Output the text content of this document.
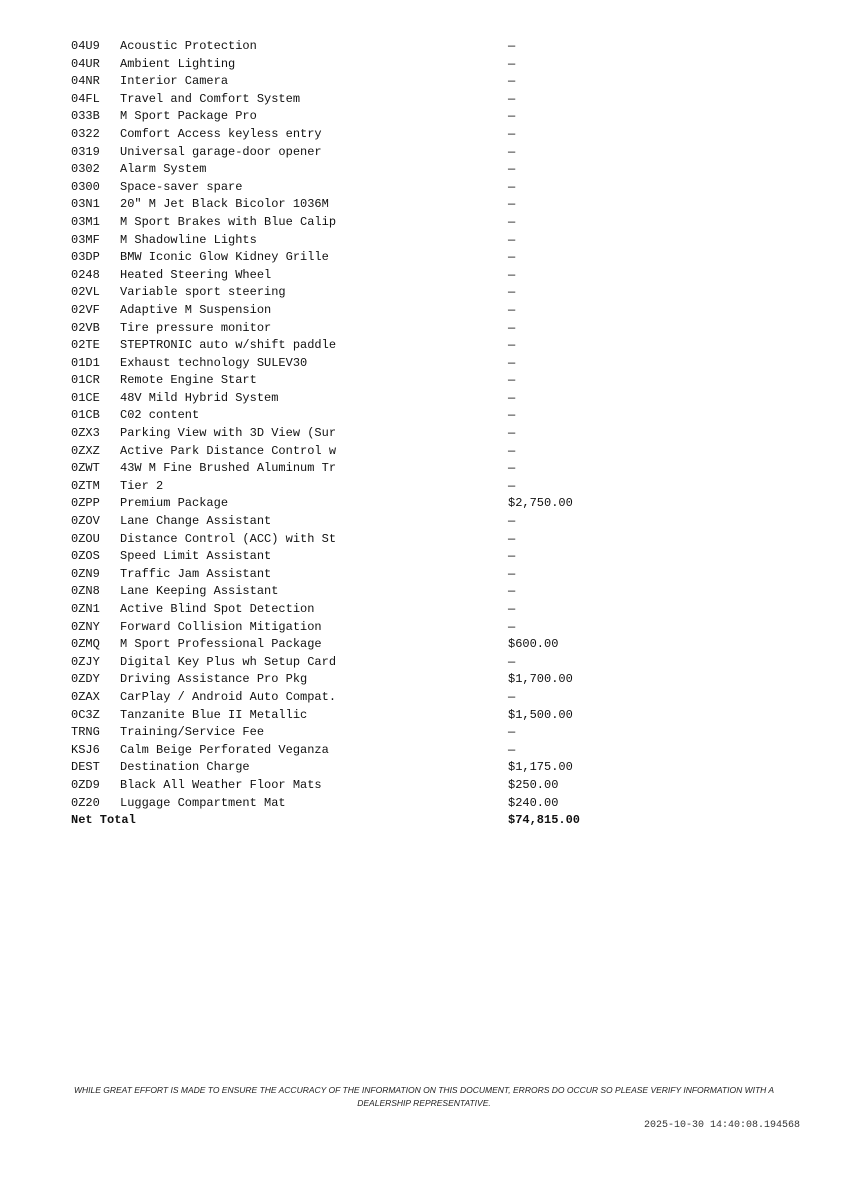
04U9 Acoustic Protection	—
04UR Ambient Lighting	—
04NR Interior Camera	—
04FL Travel and Comfort System	—
033B M Sport Package Pro	—
0322 Comfort Access keyless entry	—
0319 Universal garage-door opener	—
0302 Alarm System	—
0300 Space-saver spare	—
03N1 20" M Jet Black Bicolor 1036M	—
03M1 M Sport Brakes with Blue Calip	—
03MF M Shadowline Lights	—
03DP BMW Iconic Glow Kidney Grille	—
0248 Heated Steering Wheel	—
02VL Variable sport steering	—
02VF Adaptive M Suspension	—
02VB Tire pressure monitor	—
02TE STEPTRONIC auto w/shift paddle	—
01D1 Exhaust technology SULEV30	—
01CR Remote Engine Start	—
01CE 48V Mild Hybrid System	—
01CB C02 content	—
0ZX3 Parking View with 3D View (Sur	—
0ZXZ Active Park Distance Control w	—
0ZWT 43W M Fine Brushed Aluminum Tr	—
0ZTM Tier 2	—
0ZPP Premium Package	$2,750.00
0ZOV Lane Change Assistant	—
0ZOU Distance Control (ACC) with St	—
0ZOS Speed Limit Assistant	—
0ZN9 Traffic Jam Assistant	—
0ZN8 Lane Keeping Assistant	—
0ZN1 Active Blind Spot Detection	—
0ZNY Forward Collision Mitigation	—
0ZMQ M Sport Professional Package	$600.00
0ZJY Digital Key Plus wh Setup Card	—
0ZDY Driving Assistance Pro Pkg	$1,700.00
0ZAX CarPlay / Android Auto Compat.	—
0C3Z Tanzanite Blue II Metallic	$1,500.00
TRNG Training/Service Fee	—
KSJ6 Calm Beige Perforated Veganza	—
DEST Destination Charge	$1,175.00
0ZD9 Black All Weather Floor Mats	$250.00
0Z20 Luggage Compartment Mat	$240.00
Net Total	$74,815.00
WHILE GREAT EFFORT IS MADE TO ENSURE THE ACCURACY OF THE INFORMATION ON THIS DOCUMENT, ERRORS DO OCCUR SO PLEASE VERIFY INFORMATION WITH A DEALERSHIP REPRESENTATIVE.
2025-10-30 14:40:08.194568
